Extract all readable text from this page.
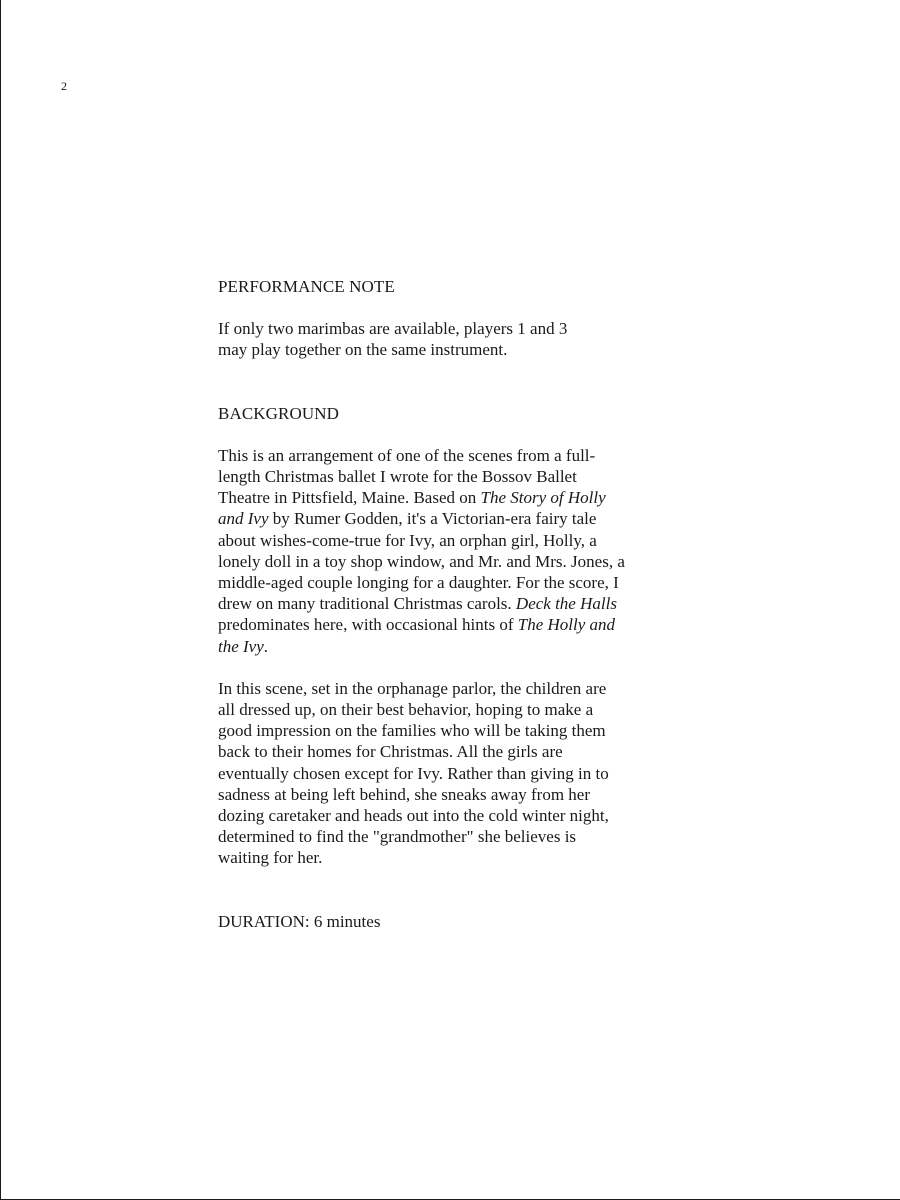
2
PERFORMANCE NOTE

If only two marimbas are available, players 1 and 3
may play together on the same instrument.

BACKGROUND

This is an arrangement of one of the scenes from a full-
length Christmas ballet I wrote for the Bossov Ballet
Theatre in Pittsfield, Maine. Based on The Story of Holly
and Ivy by Rumer Godden, it's a Victorian-era fairy tale
about wishes-come-true for Ivy, an orphan girl, Holly, a
lonely doll in a toy shop window, and Mr. and Mrs. Jones, a
middle-aged couple longing for a daughter. For the score, I
drew on many traditional Christmas carols. Deck the Halls
predominates here, with occasional hints of The Holly and
the Ivy.

In this scene, set in the orphanage parlor, the children are
all dressed up, on their best behavior, hoping to make a
good impression on the families who will be taking them
back to their homes for Christmas. All the girls are
eventually chosen except for Ivy. Rather than giving in to
sadness at being left behind, she sneaks away from her
dozing caretaker and heads out into the cold winter night,
determined to find the "grandmother" she believes is
waiting for her.

DURATION: 6 minutes
